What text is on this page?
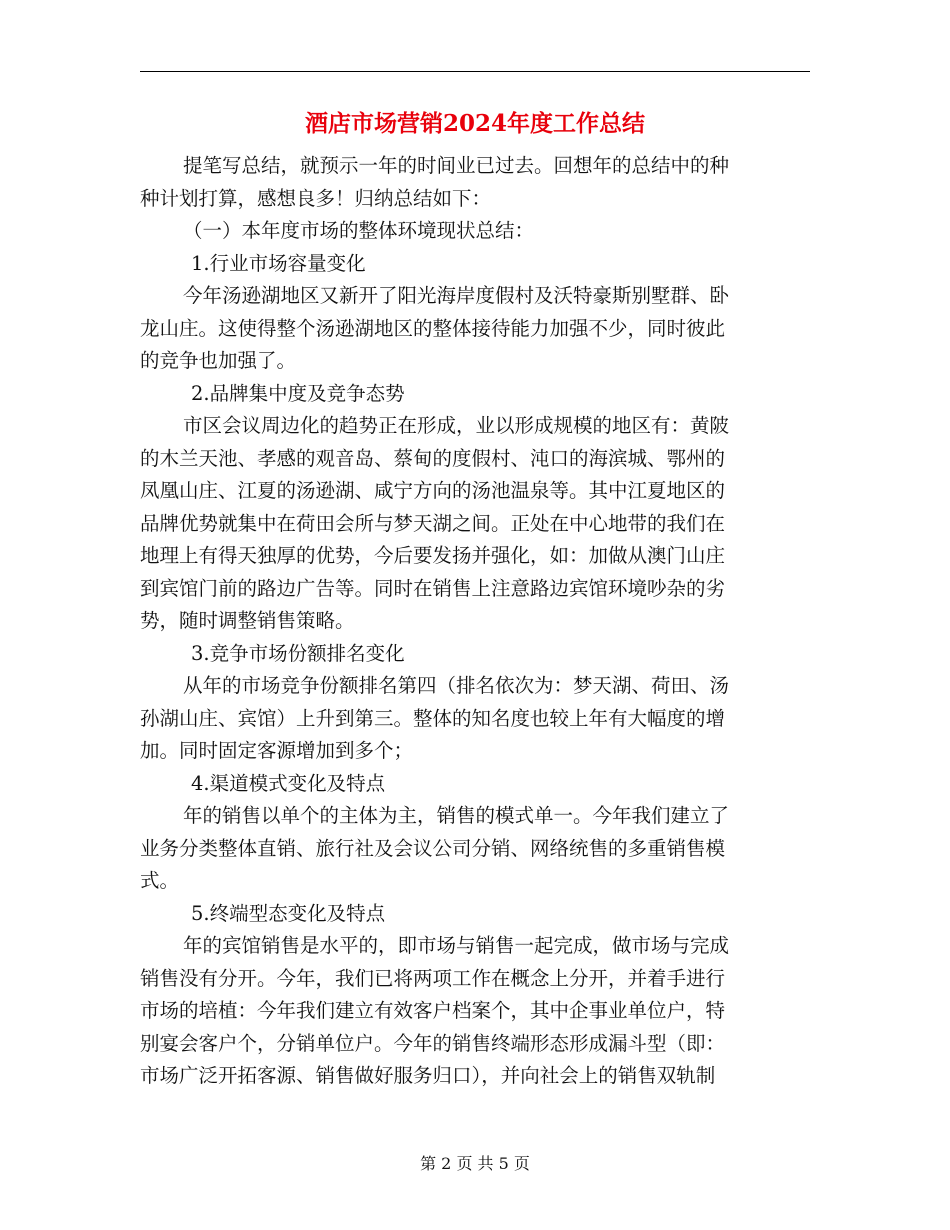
酒店市场营销2024年度工作总结
提笔写总结，就预示一年的时间业已过去。回想年的总结中的种
种计划打算，感想良多！归纳总结如下：
（一）本年度市场的整体环境现状总结：
1.行业市场容量变化
今年汤逊湖地区又新开了阳光海岸度假村及沃特豪斯别墅群、卧
龙山庄。这使得整个汤逊湖地区的整体接待能力加强不少，同时彼此
的竞争也加强了。
2.品牌集中度及竞争态势
市区会议周边化的趋势正在形成，业以形成规模的地区有：黄陂
的木兰天池、孝感的观音岛、蔡甸的度假村、沌口的海滨城、鄂州的
凤凰山庄、江夏的汤逊湖、咸宁方向的汤池温泉等。其中江夏地区的
品牌优势就集中在荷田会所与梦天湖之间。正处在中心地带的我们在
地理上有得天独厚的优势，今后要发扬并强化，如：加做从澳门山庄
到宾馆门前的路边广告等。同时在销售上注意路边宾馆环境吵杂的劣
势，随时调整销售策略。
3.竞争市场份额排名变化
从年的市场竞争份额排名第四（排名依次为：梦天湖、荷田、汤
孙湖山庄、宾馆）上升到第三。整体的知名度也较上年有大幅度的增
加。同时固定客源增加到多个；
4.渠道模式变化及特点
年的销售以单个的主体为主，销售的模式单一。今年我们建立了
业务分类整体直销、旅行社及会议公司分销、网络统售的多重销售模
式。
5.终端型态变化及特点
年的宾馆销售是水平的，即市场与销售一起完成，做市场与完成
销售没有分开。今年，我们已将两项工作在概念上分开，并着手进行
市场的培植：今年我们建立有效客户档案个，其中企事业单位户，特
别宴会客户个，分销单位户。今年的销售终端形态形成漏斗型（即：
市场广泛开拓客源、销售做好服务归口），并向社会上的销售双轨制
第 2 页 共 5 页
